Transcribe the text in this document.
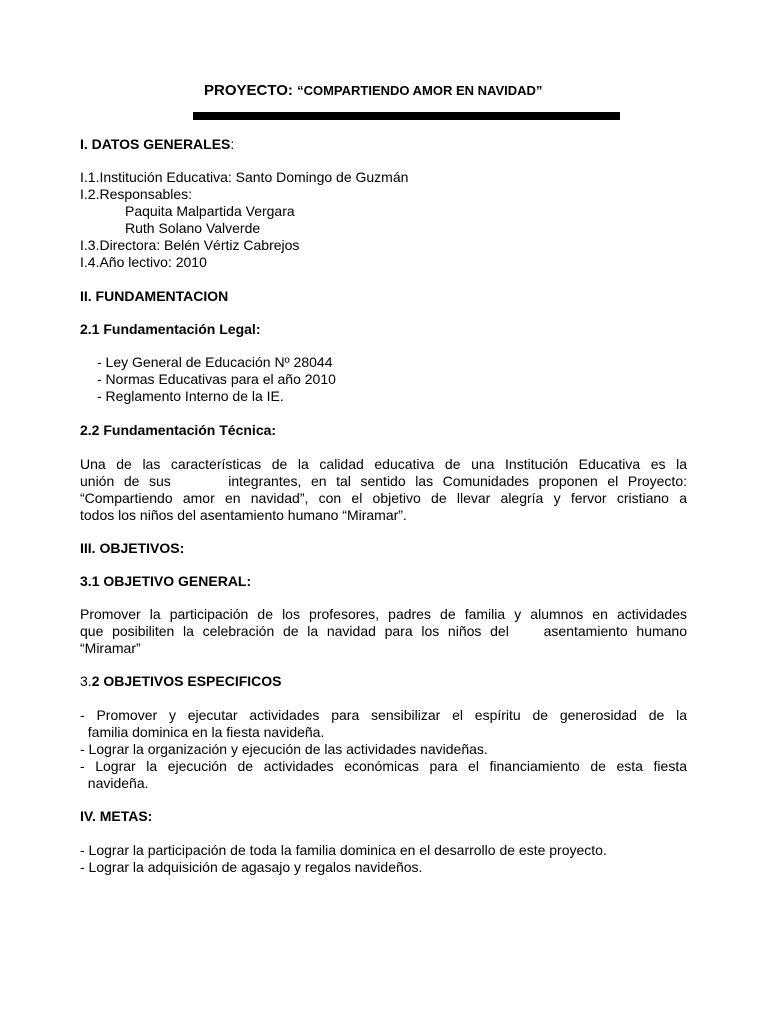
PROYECTO: “COMPARTIENDO AMOR EN NAVIDAD”
I. DATOS GENERALES:
I.1.Institución Educativa: Santo Domingo de Guzmán
I.2.Responsables:
Paquita Malpartida Vergara
Ruth Solano Valverde
I.3.Directora: Belén Vértiz Cabrejos
I.4.Año lectivo: 2010
II. FUNDAMENTACION
2.1 Fundamentación Legal:
- Ley General de Educación Nº 28044
- Normas Educativas para el año 2010
- Reglamento Interno de la IE.
2.2 Fundamentación Técnica:
Una de las características de la calidad educativa de una Institución Educativa es la
unión de sus      integrantes, en tal sentido las Comunidades proponen el Proyecto:
“Compartiendo amor en navidad”, con el objetivo de llevar alegría y fervor cristiano a
todos los niños del asentamiento humano “Miramar”.
III. OBJETIVOS:
3.1 OBJETIVO GENERAL:
Promover la participación de los profesores, padres de familia y alumnos en actividades
que posibiliten la celebración de la navidad para los niños del    asentamiento humano
“Miramar”
3.2 OBJETIVOS ESPECIFICOS
- Promover y ejecutar actividades para sensibilizar el espíritu de generosidad de la
familia dominica en la fiesta navideña.
- Lograr la organización y ejecución de las actividades navideñas.
- Lograr la ejecución de actividades económicas para el financiamiento de esta fiesta
navideña.
IV. METAS:
- Lograr la participación de toda la familia dominica en el desarrollo de este proyecto.
- Lograr la adquisición de agasajo y regalos navideños.
